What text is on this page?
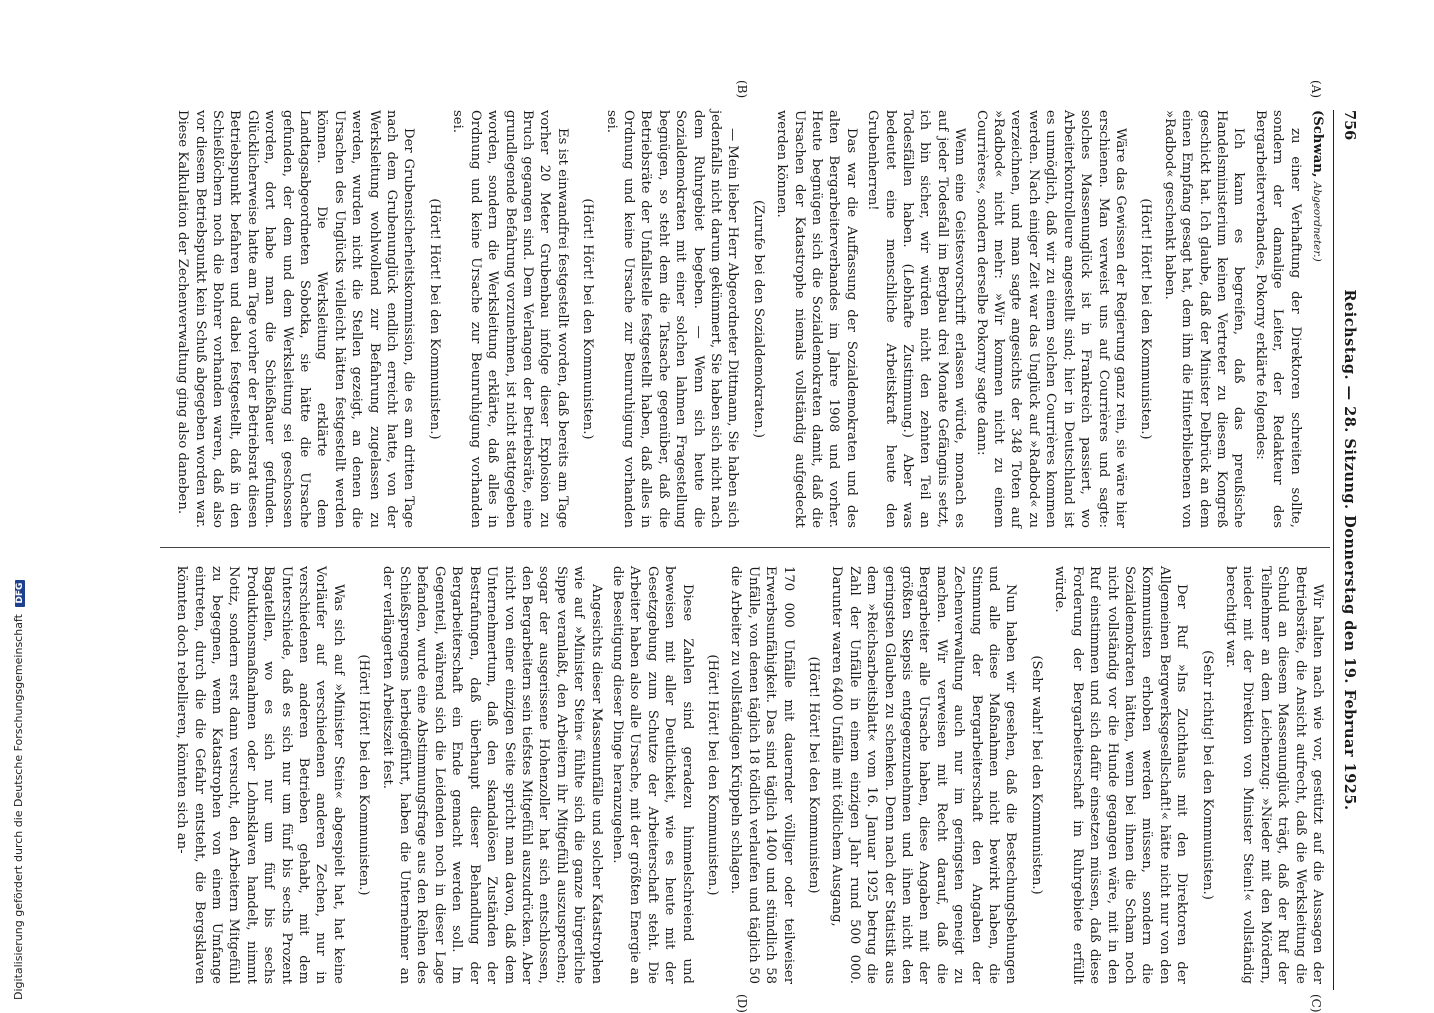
756
Reichstag. — 28. Sitzung. Donnerstag den 19. Februar 1925.
(A)
(B)
(C)
(D)

(Schwan, Abgeordneter.)

zu einer Verhaftung der Direktoren schreiten sollte, sondern der damalige Leiter, der Redakteur des Bergarbeiterverbandes, Pokorny erklärte folgendes:

Ich kann es begreifen, daß das preußische Handelsministerium keinen Vertreter zu diesem Kongreß geschickt hat. Ich glaube, daß der Minister Delbrück an dem einen Empfang gesagt hat, dem ihm die Hinterbliebenen von »Radbod« geschenkt haben.

(Hört! Hört! bei den Kommunisten.)

Wäre das Gewissen der Regierung ganz rein, sie wäre hier erschienen. Man verweist uns auf Courrières und sagte: solches Massenunglück ist in Frankreich passiert, wo Arbeiterkontrolleure angestellt sind; hier in Deutschland ist es unmöglich, daß wir zu einem solchen Courrières kommen werden. Nach einiger Zeit war das Unglück auf »Radbod« zu verzeichnen, und man sagte angesichts der 348 Toten auf »Radbod« nicht mehr: »Wir kommen nicht zu einem Courrières«, sondern derselbe Pokorny sagte dann:

Wenn eine Geistesvorschrift erlassen würde, monach es auf jeder Todesfall im Bergbau drei Monate Gefängnis setzt, ich bin sicher, wir würden nicht den zehnten Teil an Todesfällen haben. (Lebhafte Zustimmung.) Aber was bedeutet eine menschliche Arbeitskraft heute den Grubenherren!

Das war die Auffassung der Sozialdemokraten und des alten Bergarbeiterverbandes im Jahre 1908 und vorher. Heute begnügen sich die Sozialdemokraten damit, daß die Ursachen der Katastrophe niemals vollständig aufgedeckt werden können.

(Zurufe bei den Sozialdemokraten.)

— Mein lieber Herr Abgeordneter Dittmann, Sie haben sich jedenfalls nicht darum gekümmert, Sie haben sich nicht nach dem Ruhrgebiet begeben. — Wenn sich heute die Sozialdemokraten mit einer solchen lahmen Fragestellung begnügen, so steht dem die Tatsache gegenüber, daß die Betriebsräte der Unfallstelle festgestellt haben, daß alles in Ordnung und keine Ursache zur Beunruhigung vorhanden sei.

(Hört! Hört! bei den Kommunisten.)

Es ist einwandfrei festgestellt worden, daß bereits am Tage vorher 20 Meter Grubenbau infolge dieser Explosion zu Bruch gegangen sind. Dem Verlangen der Betriebsräte, eine grundlegende Befahrung vorzunehmen, ist nicht stattgegeben worden, sondern die Werksleitung erklärte, daß alles in Ordnung und keine Ursache zur Beunruhigung vorhanden sei.

(Hört! Hört! bei den Kommunisten.)

Der Grubensicherheitskommission, die es am dritten Tage nach dem Grubenunglück endlich erreicht hatte, von der Werksleitung wohlwollend zur Befahrung zugelassen zu werden, wurden nicht die Stellen gezeigt, an denen die Ursachen des Unglücks vielleicht hätten festgestellt werden können. Die Werksleitung erklärte dem Landtagsabgeordneten Sobotka, sie hätte die Ursache gefunden, der dem und dem Werksleitung sei geschossen worden, dort habe man die Schießhauer gefunden. Glücklicherweise hatte am Tage vorher der Betriebsrat diesen Betriebspunkt befahren und dabei festgestellt, daß in den Schießlöchern noch die Bohrer vorhanden waren, daß also vor diesem Betriebspunkt kein Schuß abgegeben worden war. Diese Kalkulation der Zechenverwaltung ging also daneben.

Wir halten nach wie vor, gestützt auf die Aussagen der Betriebsräte, die Ansicht aufrecht, daß die Werksleitung die Schuld an diesem Massenunglück trägt, daß der Ruf der Teilnehmer an dem Leichenzug: »Nieder mit den Mördern, nieder mit der Direktion von Minister Stein!« vollständig berechtigt war.

(Sehr richtig! bei den Kommunisten.)

Der Ruf »Ins Zuchthaus mit den Direktoren der Allgemeinen Bergwerksgesellschaft!« hätte nicht nur von den Kommunisten erhoben werden müssen, sondern die Sozialdemokraten hätten, wenn bei ihnen die Scham noch nicht vollständig vor die Hunde gegangen wäre, mit in den Ruf einstimmen und sich dafür einsetzen müssen, daß diese Forderung der Bergarbeiterschaft im Ruhrgebiete erfüllt würde.

(Sehr wahr! bei den Kommunisten.)

Nun haben wir gesehen, daß die Bestechungsbehungen und alle diese Maßnahmen nicht bewirkt haben, die Stimmung der Bergarbeiterschaft den Angaben der Zechenverwaltung auch nur im geringsten geneigt zu machen. Wir verweisen mit Recht darauf, daß die Bergarbeiter alle Ursache haben, diese Angaben mit der größten Skepsis entgegenzunehmen und ihnen nicht den geringsten Glauben zu schenken. Denn nach der Statistik aus dem »Reichsarbeitsblatt« vom 16. Januar 1925 betrug die Zahl der Unfälle in einem einzigen Jahr rund 500 000. Darunter waren 6400 Unfälle mit tödlichem Ausgang,

(Hört! Hört! bei den Kommunisten)

170 000 Unfälle mit dauernder völliger oder teilweiser Erwerbsunfähigkeit. Das sind täglich 1400 und stündlich 58 Unfälle, von denen täglich 18 tödlich verlaufen und täglich 50 die Arbeiter zu vollständigen Krüppeln schlagen.

(Hört! Hört! bei den Kommunisten.)

Diese Zahlen sind geradezu himmelschreiend und beweisen mit aller Deutlichkeit, wie es heute mit der Gesetzgebung zum Schutze der Arbeiterschaft steht. Die Arbeiter haben also alle Ursache, mit der größten Energie an die Beseitigung dieser Dinge heranzugehen.

Angesichts dieser Massenunfälle und solcher Katastrophen wie auf »Minister Stein« fühlte sich die ganze bürgerliche Sippe veranlaßt, den Arbeitern ihr Mitgefühl auszusprechen; sogar der ausgerissene Hohenzoller hat sich entschlossen, den Bergarbeitern sein tiefstes Mitgefühl auszudrücken. Aber nicht von einer einzigen Seite spricht man davon, daß dem Unternehmertum, daß den skandalösen Zuständen der Bestrafungen, daß überhaupt dieser Behandlung der Bergarbeiterschaft ein Ende gemacht werden soll. Im Gegenteil, während sich die Leidenden noch in dieser Lage befanden, wurde eine Abstimmungsfrage aus den Reihen des Schießsprengens herbeigeführt, haben die Unternehmer an der verlängerten Arbeitszeit fest.

(Hört! Hört! bei den Kommunisten.)

Was sich auf »Minister Stein« abgespielt hat, hat keine Vorläufer auf verschiedenen anderen Zechen, nur in verschiedenen anderen Betrieben gehabt, mit dem Unterschiede, daß es sich nur um fünf bis sechs Prozent Bagatellen, wo es sich nur um fünf bis sechs Produktionsmaßnahmen oder Lohnsklaven handelt, nimmt Notiz, sondern erst dann versucht, den Arbeitern Mitgefühl zu begegnen, wenn Katastrophen von einem Umfange eintreten, durch die die Gefahr entsteht, die Bergsklaven könnten doch rebellieren, könnten sich an-

Digitalisierung gefördert durch die Deutsche Forschungsgemeinschaft DFG
